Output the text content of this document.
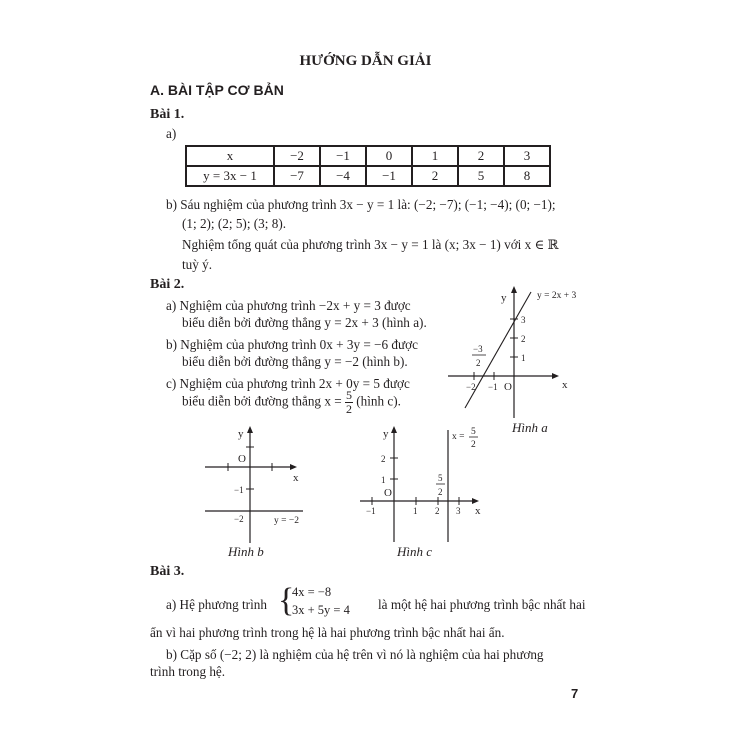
HƯỚNG DẪN GIẢI
A. BÀI TẬP CƠ BẢN
Bài 1.
a)
x	−2	−1	0	1	2	3
y = 3x − 1	−7	−4	−1	2	5	8
b) Sáu nghiệm của phương trình 3x − y = 1 là: (−2; −7); (−1; −4); (0; −1);
(1; 2); (2; 5); (3; 8).
Nghiệm tổng quát của phương trình 3x − y = 1 là (x; 3x − 1) với x ∈ ℝ
tuỳ ý.
Bài 2.
a) Nghiệm của phương trình −2x + y = 3 được
biểu diễn bởi đường thẳng y = 2x + 3 (hình a).
b) Nghiệm của phương trình 0x + 3y = −6 được
biểu diễn bởi đường thẳng y = −2 (hình b).
c) Nghiệm của phương trình 2x + 0y = 5 được
biểu diễn bởi đường thẳng $x = \frac{5}{2}$ (hình c).
y
x
O
y = 2x + 3
1
2
3
−2 −1
−3
2
Hình a
y
x
O
−1
−2	y = −2
Hình b
y
x
O
1
2
−1	1 2 3
5
2
x = 5
2
Hình c
Bài 3.
a) Hệ phương trình {
4x = −8
3x + 5y = 4 là một hệ hai phương trình bậc nhất hai
ẩn vì hai phương trình trong hệ là hai phương trình bậc nhất hai ẩn.
b) Cặp số (−2; 2) là nghiệm của hệ trên vì nó là nghiệm của hai phương
trình trong hệ.
7
